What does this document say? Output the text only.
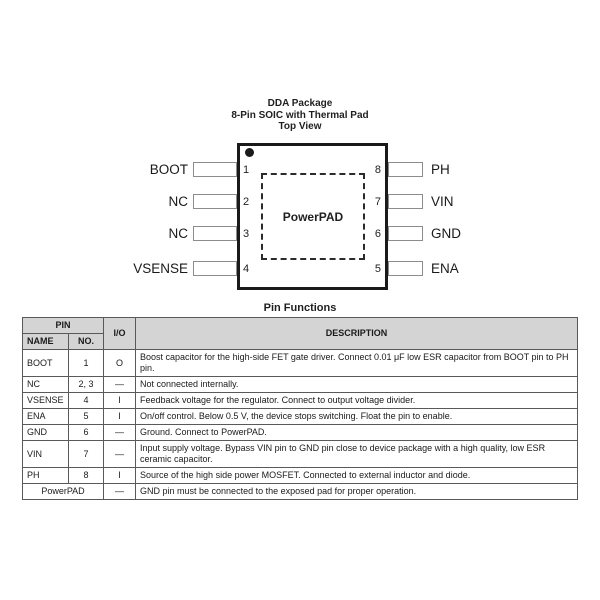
DDA Package
8-Pin SOIC with Thermal Pad
Top View
PowerPAD
BOOT	1
NC	2
NC	3
VSENSE	4
8	PH
7	VIN
6	GND
5	ENA
Pin Functions
PIN		I/O	DESCRIPTION
NAME	NO.		
BOOT	1	O	Boost capacitor for the high-side FET gate driver. Connect 0.01 μF low ESR capacitor from BOOT pin to PH pin.
NC	2, 3	—	Not connected internally.
VSENSE	4	I	Feedback voltage for the regulator. Connect to output voltage divider.
ENA	5	I	On/off control. Below 0.5 V, the device stops switching. Float the pin to enable.
GND	6	—	Ground. Connect to PowerPAD.
VIN	7	—	Input supply voltage. Bypass VIN pin to GND pin close to device package with a high quality, low ESR ceramic capacitor.
PH	8	I	Source of the high side power MOSFET. Connected to external inductor and diode.
PowerPAD		—	GND pin must be connected to the exposed pad for proper operation.
